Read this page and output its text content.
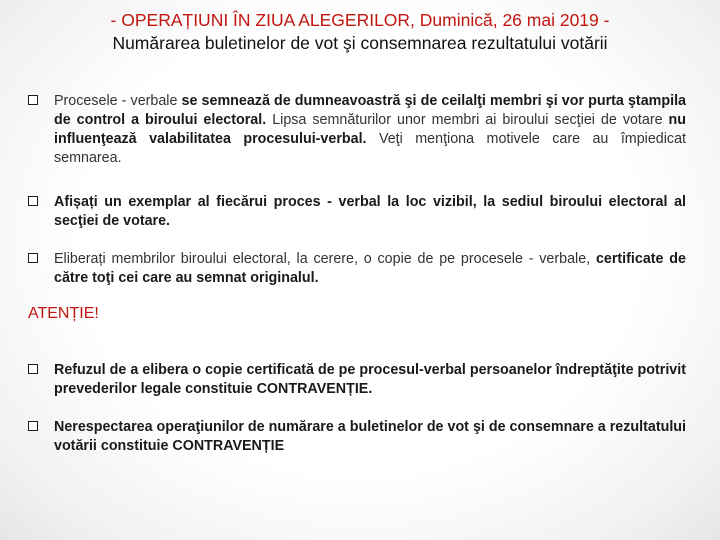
- OPERAȚIUNI ÎN ZIUA ALEGERILOR, Duminică, 26 mai 2019 -
Numărarea buletinelor de vot şi consemnarea rezultatului votării
Procesele - verbale se semnează de dumneavoastră şi de ceilalţi membri şi vor purta ştampila de control a biroului electoral. Lipsa semnăturilor unor membri ai biroului secţiei de votare nu influenţează valabilitatea procesului-verbal. Veţi menţiona motivele care au împiedicat semnarea.
Afișați un exemplar al fiecărui proces - verbal la loc vizibil, la sediul biroului electoral al secţiei de votare.
Eliberați membrilor biroului electoral, la cerere, o copie de pe procesele - verbale, certificate de către toţi cei care au semnat originalul.
ATENȚIE!
Refuzul de a elibera o copie certificată de pe procesul-verbal persoanelor îndreptăţite potrivit prevederilor legale constituie CONTRAVENȚIE.
Nerespectarea operaţiunilor de numărare a buletinelor de vot şi de consemnare a rezultatului votării constituie CONTRAVENȚIE
